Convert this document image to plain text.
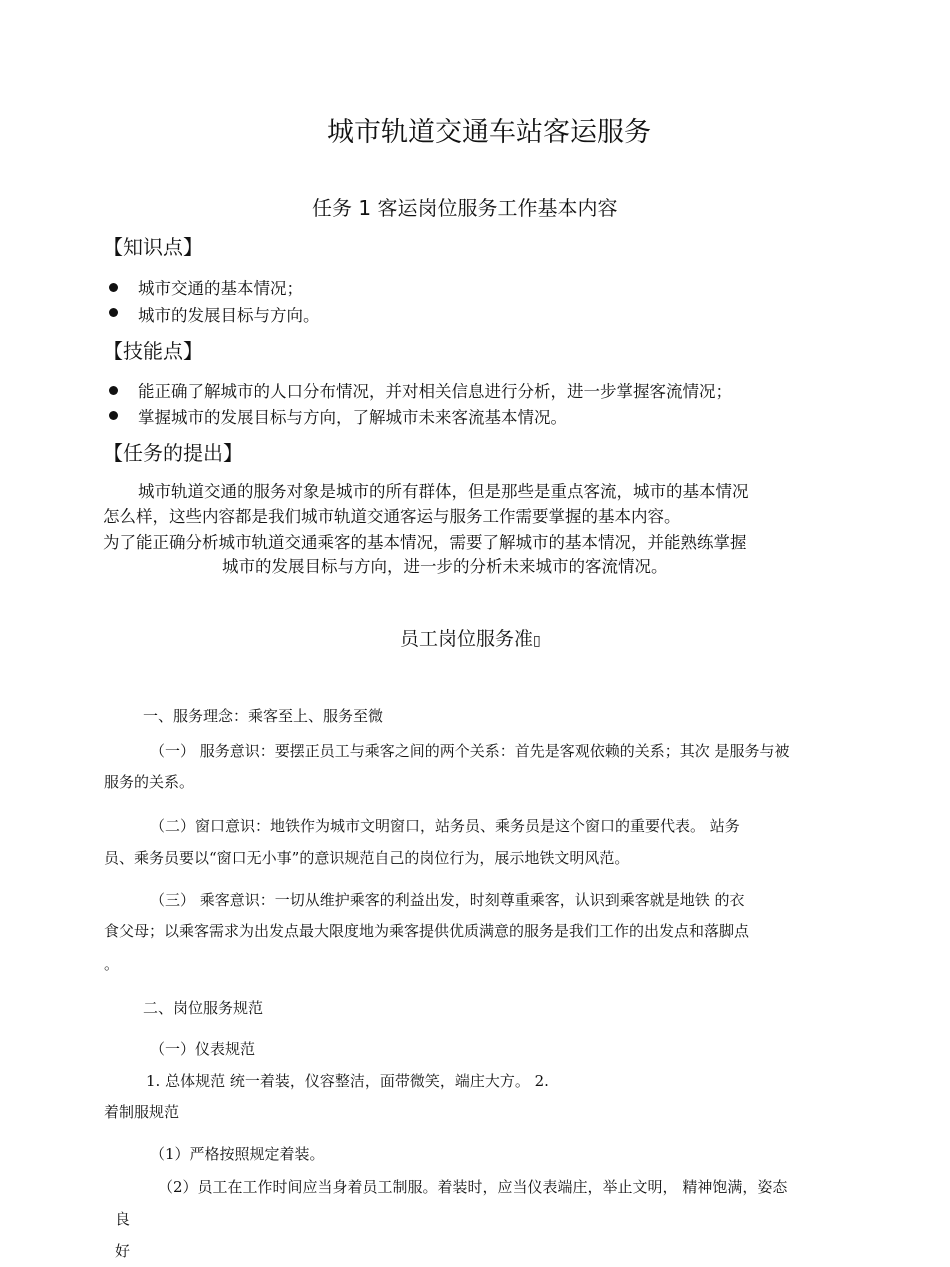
城市轨道交通车站客运服务
任务 1 客运岗位服务工作基本内容
【知识点】
城市交通的基本情况；
城市的发展目标与方向。
【技能点】
能正确了解城市的人口分布情况，并对相关信息进行分析，进一步掌握客流情况；
掌握城市的发展目标与方向，了解城市未来客流基本情况。
【任务的提出】
城市轨道交通的服务对象是城市的所有群体，但是那些是重点客流，城市的基本情况
怎么样，这些内容都是我们城市轨道交通客运与服务工作需要掌握的基本内容。
为了能正确分析城市轨道交通乘客的基本情况，需要了解城市的基本情况，并能熟练掌握
城市的发展目标与方向，进一步的分析未来城市的客流情况。
员工岗位服务准▯
一、服务理念：乘客至上、服务至微
（一） 服务意识：要摆正员工与乘客之间的两个关系：首先是客观依赖的关系；其次 是服务与被
服务的关系。
（二）窗口意识：地铁作为城市文明窗口，站务员、乘务员是这个窗口的重要代表。 站务
员、乘务员要以“窗口无小事”的意识规范自己的岗位行为，展示地铁文明风范。
（三） 乘客意识：一切从维护乘客的利益出发，时刻尊重乘客，认识到乘客就是地铁 的衣
食父母；以乘客需求为出发点最大限度地为乘客提供优质满意的服务是我们工作的出发点和落脚点
。
二、岗位服务规范
（一）仪表规范
1. 总体规范 统一着装，仪容整洁，面带微笑，端庄大方。 2.
着制服规范
（1）严格按照规定着装。
（2）员工在工作时间应当身着员工制服。着装时，应当仪表端庄，举止文明， 精神饱满，姿态
良
好
